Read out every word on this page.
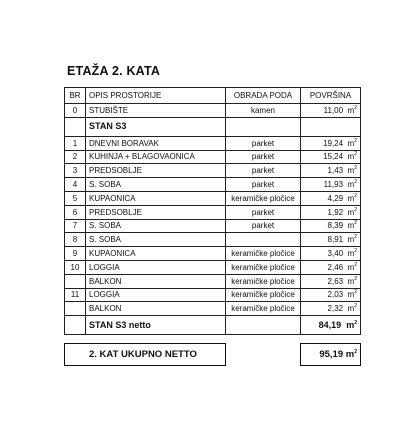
ETAŽA 2. KATA
BR	OPIS PROSTORIJE	OBRADA PODA	POVRŠINA
0	STUBIŠTE	kamen	11,00 $m^2$
	STAN S3		
1	DNEVNI BORAVAK	parket	19,24 $m^2$
2	KUHINJA + BLAGOVAONICA	parket	15,24 $m^2$
3	PREDSOBLJE	parket	1,43 $m^2$
4	S. SOBA	parket	11,93 $m^2$
5	KUPAONICA	keramičke pločice	4,29 $m^2$
6	PREDSOBLJE	parket	1,92 $m^2$
7	S. SOBA	parket	8,39 $m^2$
8	S. SOBA		8,91 $m^2$
9	KUPAONICA	keramičke pločice	3,40 $m^2$
10	LOGGIA	keramičke pločice	2,46 $m^2$
	BALKON	keramičke pločice	2,63 $m^2$
11	LOGGIA	keramičke pločice	2,03 $m^2$
	BALKON	keramičke pločice	2,32 $m^2$
	STAN S3 netto		84,19 $m^2$
2. KAT UKUPNO NETTO		95,19 $m^2$
